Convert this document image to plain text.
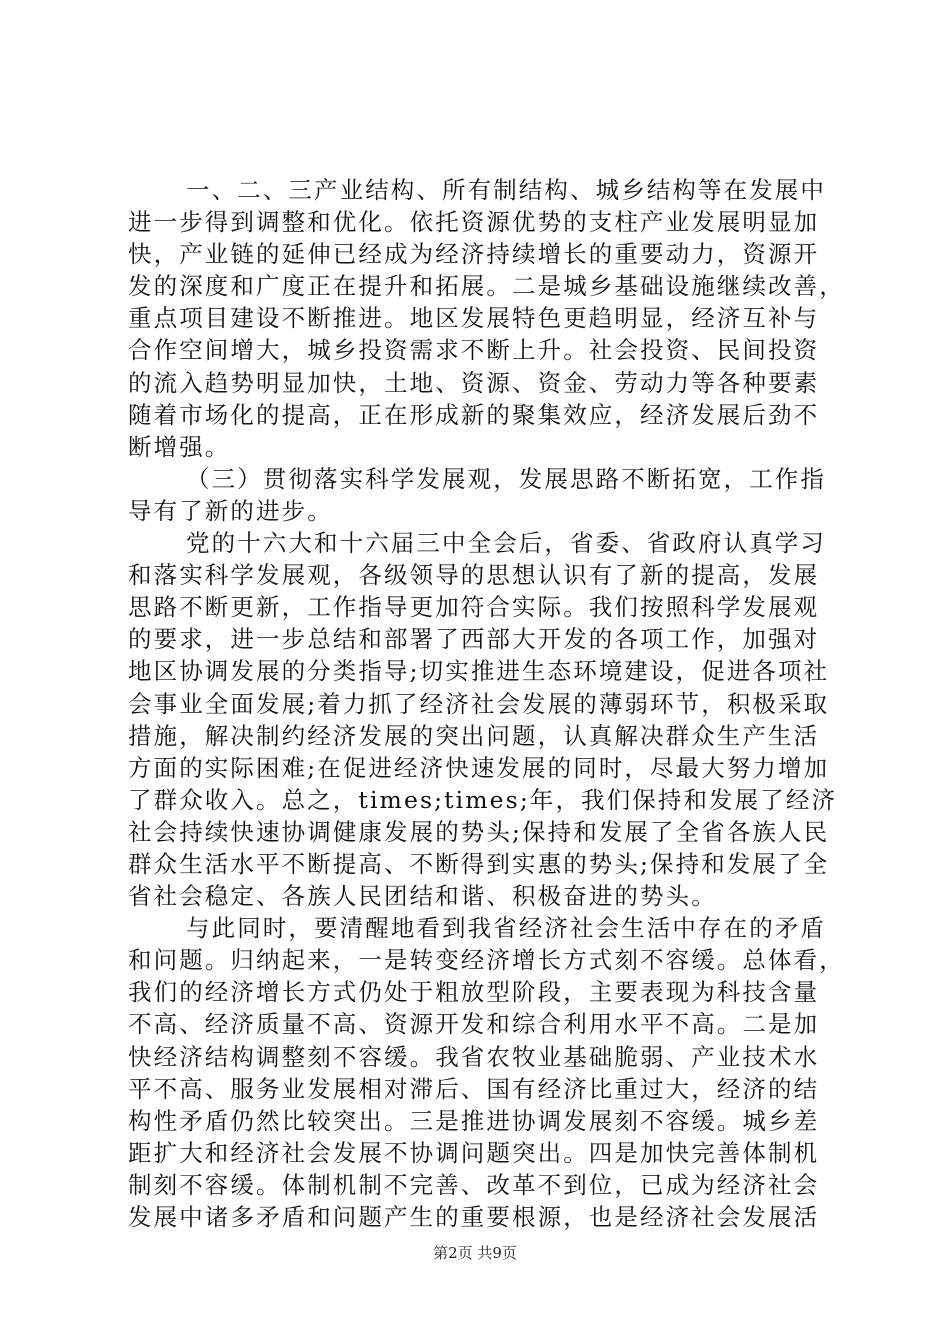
一、二、三产业结构、所有制结构、城乡结构等在发展中
进一步得到调整和优化。依托资源优势的支柱产业发展明显加
快，产业链的延伸已经成为经济持续增长的重要动力，资源开
发的深度和广度正在提升和拓展。二是城乡基础设施继续改善，
重点项目建设不断推进。地区发展特色更趋明显，经济互补与
合作空间增大，城乡投资需求不断上升。社会投资、民间投资
的流入趋势明显加快，土地、资源、资金、劳动力等各种要素
随着市场化的提高，正在形成新的聚集效应，经济发展后劲不
断增强。
（三）贯彻落实科学发展观，发展思路不断拓宽，工作指
导有了新的进步。
党的十六大和十六届三中全会后，省委、省政府认真学习
和落实科学发展观，各级领导的思想认识有了新的提高，发展
思路不断更新，工作指导更加符合实际。我们按照科学发展观
的要求，进一步总结和部署了西部大开发的各项工作，加强对
地区协调发展的分类指导;切实推进生态环境建设，促进各项社
会事业全面发展;着力抓了经济社会发展的薄弱环节，积极采取
措施，解决制约经济发展的突出问题，认真解决群众生产生活
方面的实际困难;在促进经济快速发展的同时，尽最大努力增加
了群众收入。总之，times;times;年，我们保持和发展了经济
社会持续快速协调健康发展的势头;保持和发展了全省各族人民
群众生活水平不断提高、不断得到实惠的势头;保持和发展了全
省社会稳定、各族人民团结和谐、积极奋进的势头。
与此同时，要清醒地看到我省经济社会生活中存在的矛盾
和问题。归纳起来，一是转变经济增长方式刻不容缓。总体看，
我们的经济增长方式仍处于粗放型阶段，主要表现为科技含量
不高、经济质量不高、资源开发和综合利用水平不高。二是加
快经济结构调整刻不容缓。我省农牧业基础脆弱、产业技术水
平不高、服务业发展相对滞后、国有经济比重过大，经济的结
构性矛盾仍然比较突出。三是推进协调发展刻不容缓。城乡差
距扩大和经济社会发展不协调问题突出。四是加快完善体制机
制刻不容缓。体制机制不完善、改革不到位，已成为经济社会
发展中诸多矛盾和问题产生的重要根源，也是经济社会发展活
第2页 共9页
